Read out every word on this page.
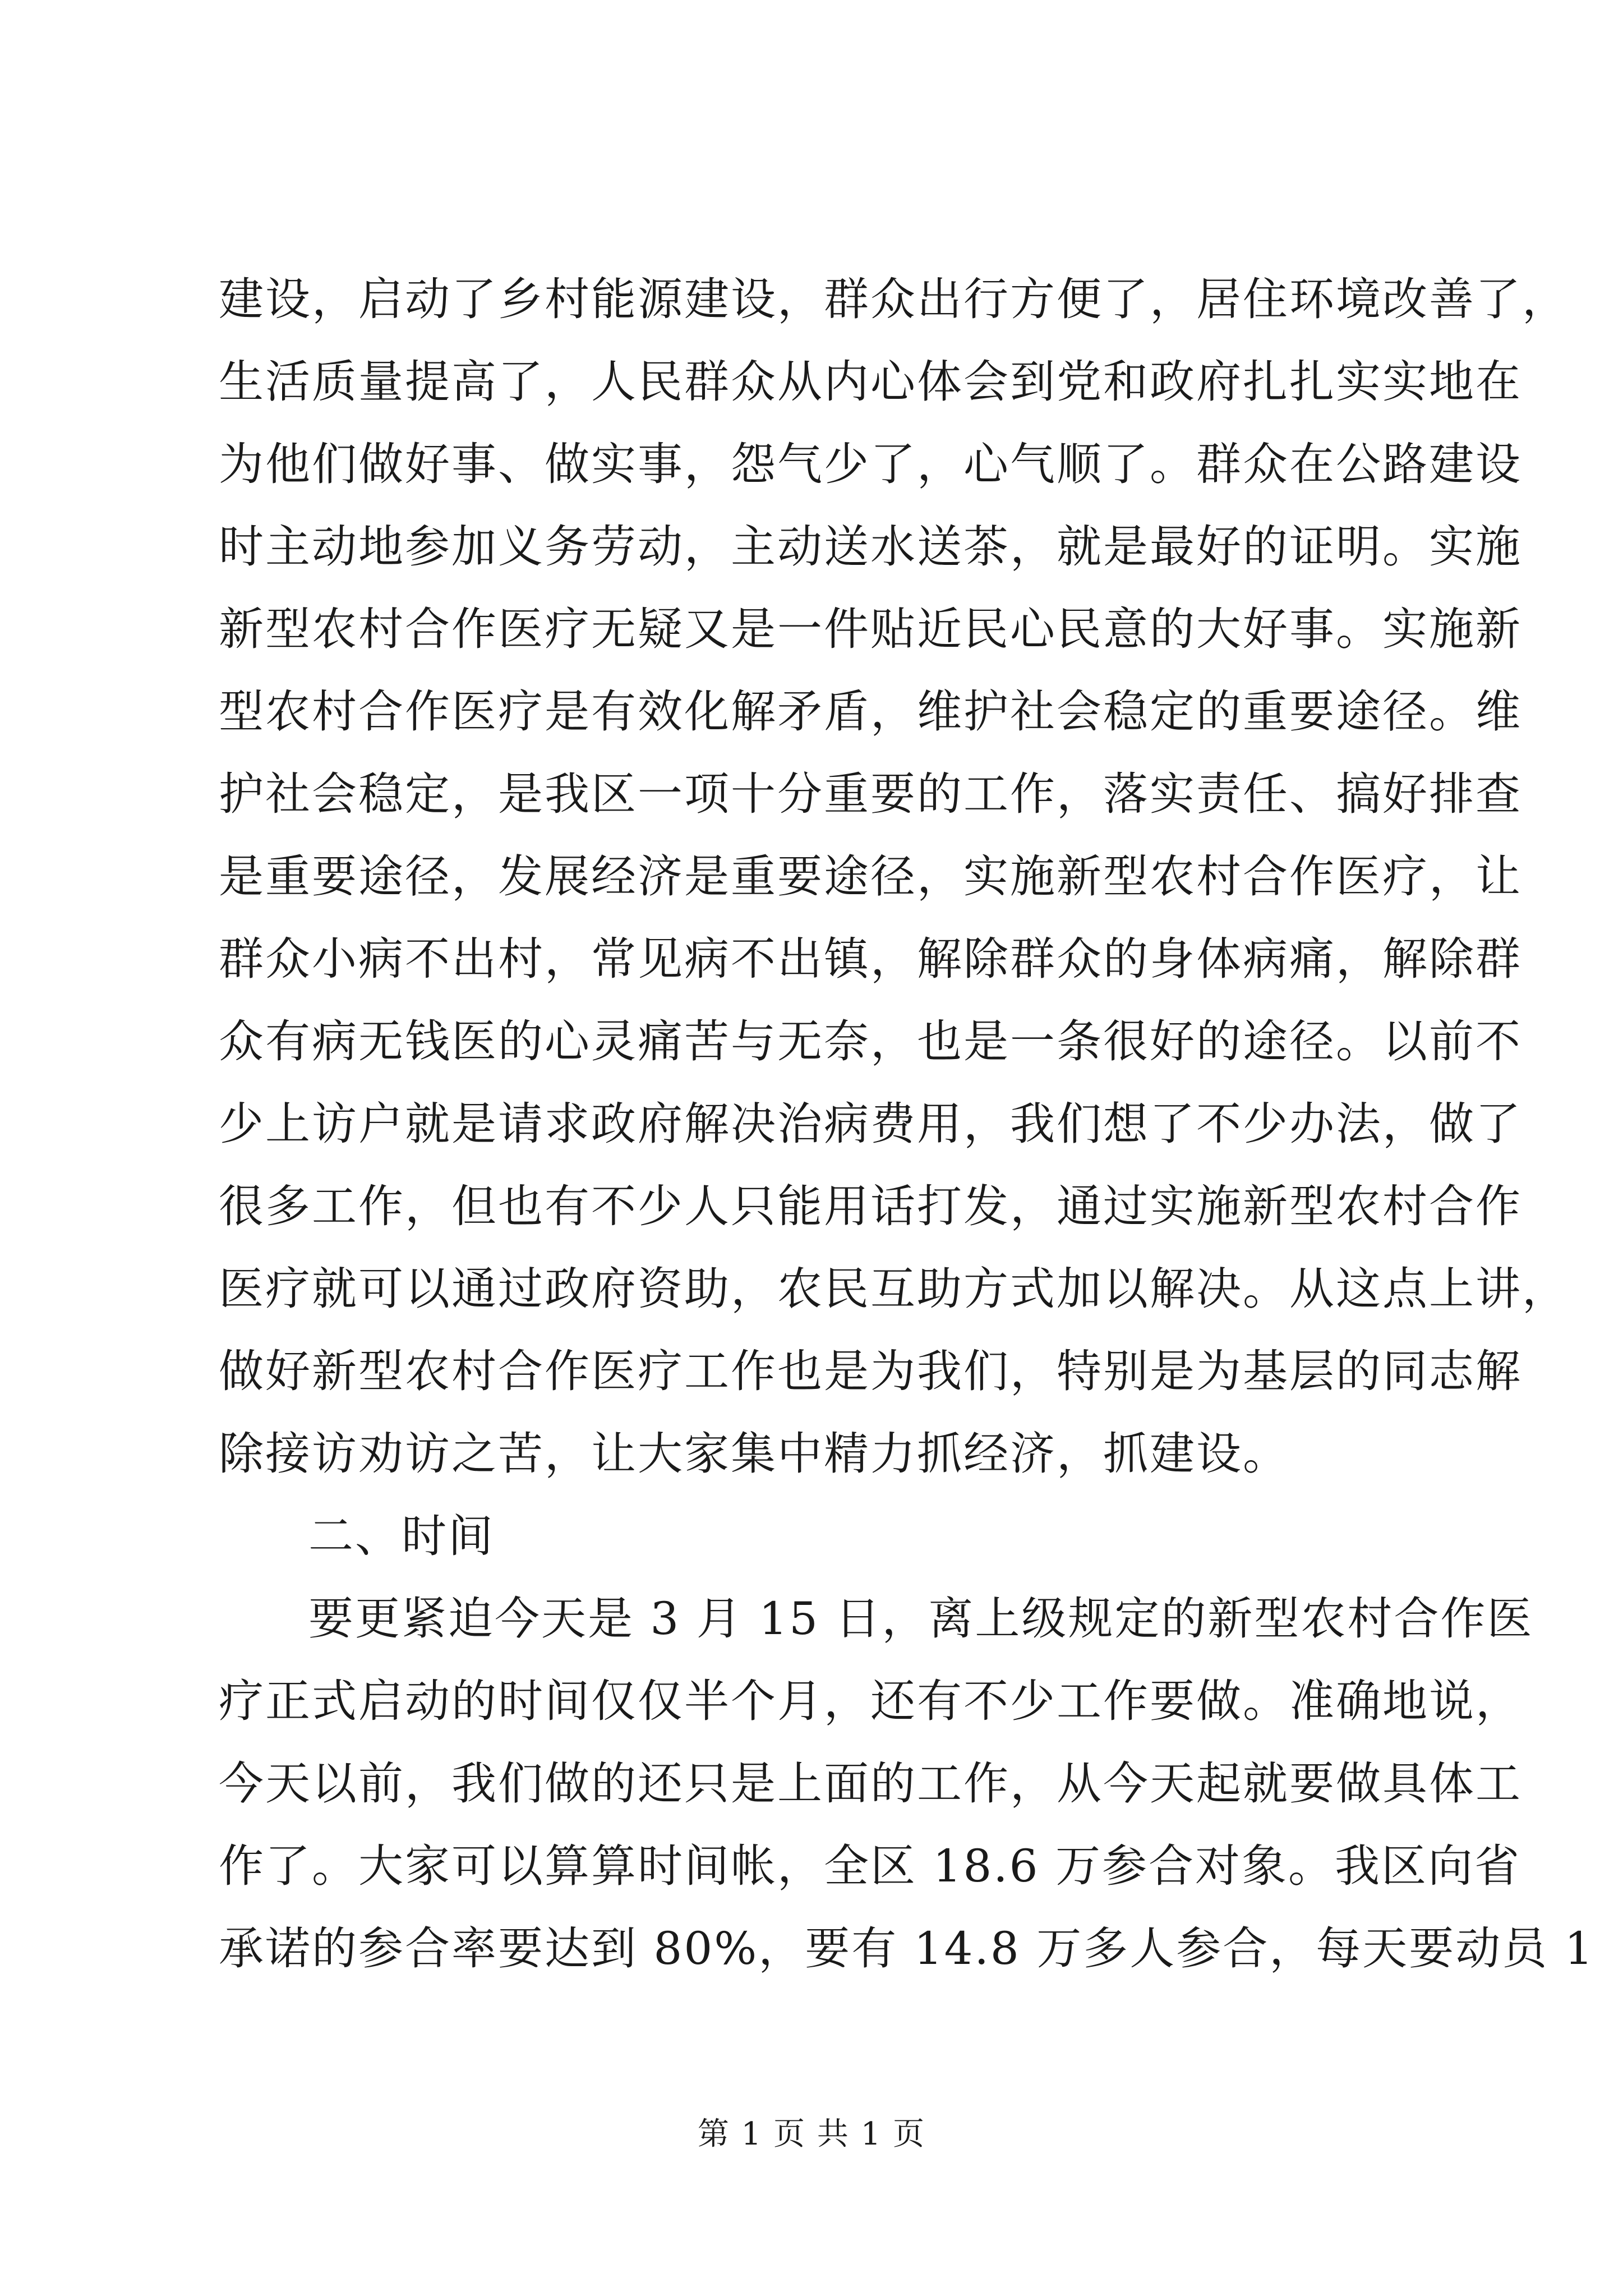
建设，启动了乡村能源建设，群众出行方便了，居住环境改善了，
生活质量提高了，人民群众从内心体会到党和政府扎扎实实地在
为他们做好事、做实事，怨气少了，心气顺了。群众在公路建设
时主动地参加义务劳动，主动送水送茶，就是最好的证明。实施
新型农村合作医疗无疑又是一件贴近民心民意的大好事。实施新
型农村合作医疗是有效化解矛盾，维护社会稳定的重要途径。维
护社会稳定，是我区一项十分重要的工作，落实责任、搞好排查
是重要途径，发展经济是重要途径，实施新型农村合作医疗，让
群众小病不出村，常见病不出镇，解除群众的身体病痛，解除群
众有病无钱医的心灵痛苦与无奈，也是一条很好的途径。以前不
少上访户就是请求政府解决治病费用，我们想了不少办法，做了
很多工作，但也有不少人只能用话打发，通过实施新型农村合作
医疗就可以通过政府资助，农民互助方式加以解决。从这点上讲，
做好新型农村合作医疗工作也是为我们，特别是为基层的同志解
除接访劝访之苦，让大家集中精力抓经济，抓建设。
二、时间
要更紧迫今天是 3 月 15 日，离上级规定的新型农村合作医
疗正式启动的时间仅仅半个月，还有不少工作要做。准确地说，
今天以前，我们做的还只是上面的工作，从今天起就要做具体工
作了。大家可以算算时间帐，全区 18.6 万参合对象。我区向省
承诺的参合率要达到 80%，要有 14.8 万多人参合，每天要动员 1
第 1 页 共 1 页
